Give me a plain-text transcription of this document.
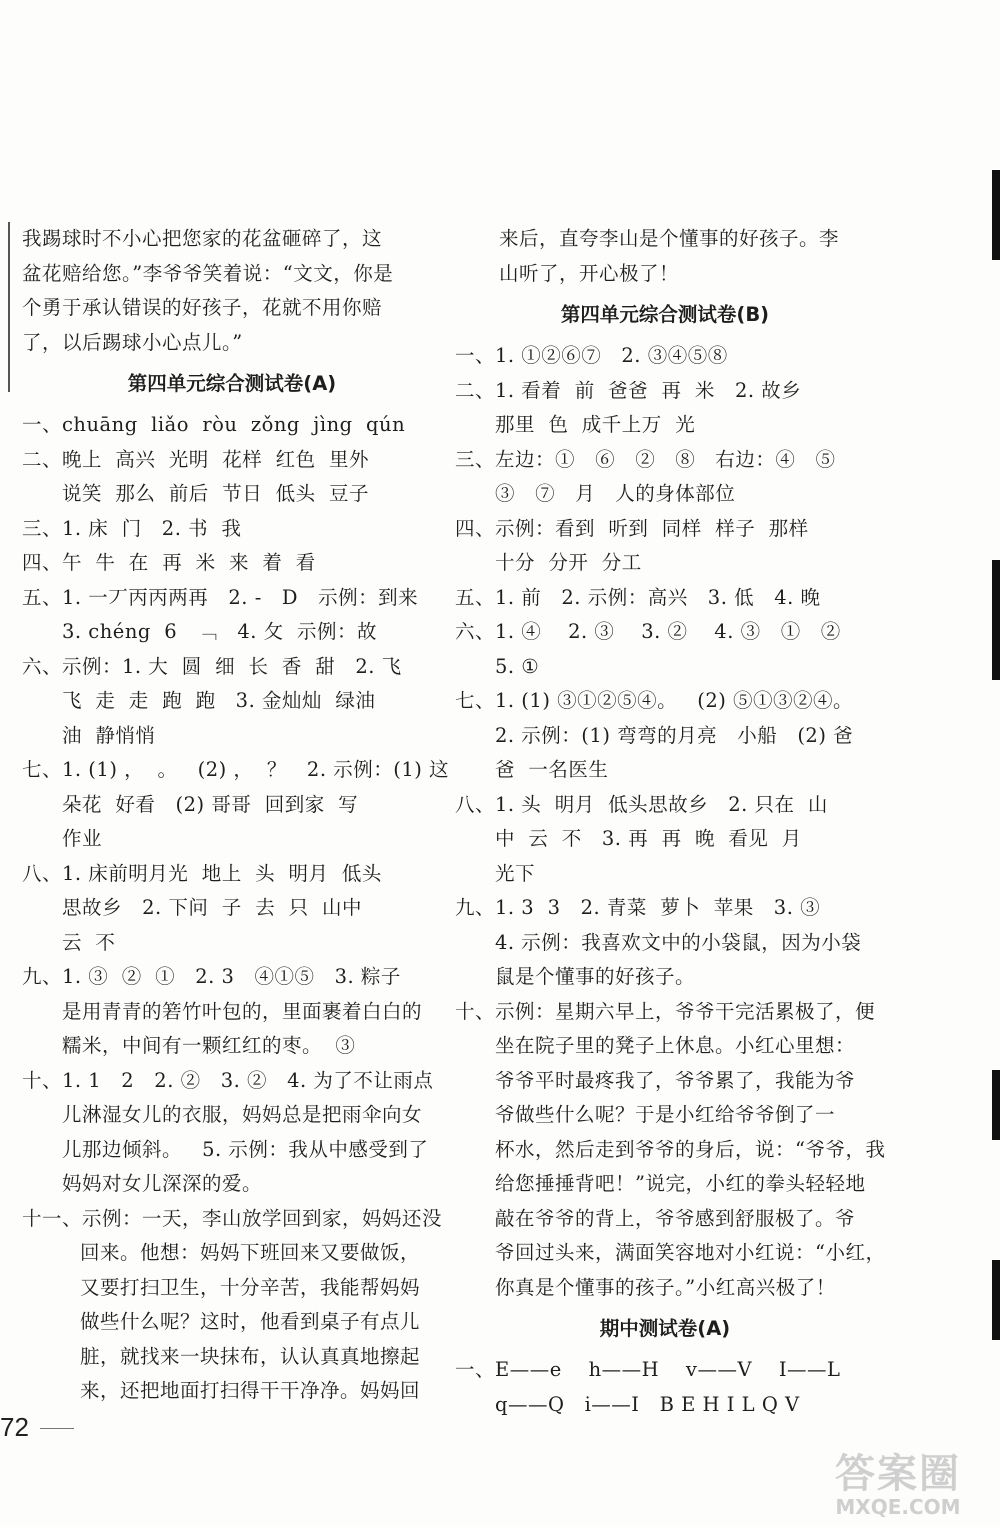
我踢球时不小心把您家的花盆砸碎了，这
盆花赔给您。”李爷爷笑着说：“文文，你是
个勇于承认错误的好孩子，花就不用你赔
了，以后踢球小心点儿。”
第四单元综合测试卷(A)
一、chuāng  liǎo  ròu  zǒng  jìng  qún
二、晚上  高兴  光明  花样  红色  里外
说笑  那么  前后  节日  低头  豆子
三、1. 床  门   2. 书  我
四、午  牛  在  再  米  来  着  看
五、1. 一丆丙丙两再   2. -   D   示例：到来
3. chéng  6   ﹁   4. 攵  示例：故
六、示例：1. 大  圆  细  长  香  甜   2. 飞
飞  走  走  跑  跑   3. 金灿灿  绿油
油  静悄悄
七、1. (1) ，  。   (2) ，  ？   2. 示例：(1) 这
朵花  好看   (2) 哥哥  回到家  写
作业
八、1. 床前明月光  地上  头  明月  低头
思故乡   2. 下问  子  去  只  山中
云  不
九、1. ③  ②  ①   2. 3   ④①⑤   3. 粽子
是用青青的箬竹叶包的，里面裹着白白的
糯米，中间有一颗红红的枣。  ③
十、1. 1   2   2. ②   3. ②   4. 为了不让雨点
儿淋湿女儿的衣服，妈妈总是把雨伞向女
儿那边倾斜。   5. 示例：我从中感受到了
妈妈对女儿深深的爱。
十一、示例：一天，李山放学回到家，妈妈还没
回来。他想：妈妈下班回来又要做饭，
又要打扫卫生，十分辛苦，我能帮妈妈
做些什么呢？这时，他看到桌子有点儿
脏，就找来一块抹布，认认真真地擦起
来，还把地面打扫得干干净净。妈妈回
来后，直夸李山是个懂事的好孩子。李
山听了，开心极了！
第四单元综合测试卷(B)
一、1. ①②⑥⑦   2. ③④⑤⑧
二、1. 看着  前  爸爸  再  米   2. 故乡
那里  色  成千上万  光
三、左边：①   ⑥   ②   ⑧   右边：④   ⑤
③   ⑦   月   人的身体部位
四、示例：看到  听到  同样  样子  那样
十分  分开  分工
五、1. 前   2. 示例：高兴   3. 低   4. 晚
六、1. ④    2. ③    3. ②    4. ③   ①   ②
5. ①
七、1. (1) ③①②⑤④。   (2) ⑤①③②④。
2. 示例：(1) 弯弯的月亮   小船   (2) 爸
爸  一名医生
八、1. 头  明月  低头思故乡   2. 只在  山
中  云  不   3. 再  再  晚  看见  月
光下
九、1. 3  3   2. 青菜  萝卜  苹果   3. ③
4. 示例：我喜欢文中的小袋鼠，因为小袋
鼠是个懂事的好孩子。
十、示例：星期六早上，爷爷干完活累极了，便
坐在院子里的凳子上休息。小红心里想：
爷爷平时最疼我了，爷爷累了，我能为爷
爷做些什么呢？于是小红给爷爷倒了一
杯水，然后走到爷爷的身后，说：“爷爷，我
给您捶捶背吧！”说完，小红的拳头轻轻地
敲在爷爷的背上，爷爷感到舒服极了。爷
爷回过头来，满面笑容地对小红说：“小红，
你真是个懂事的孩子。”小红高兴极了！
期中测试卷(A)
一、E——e    h——H    v——V    I——L
q——Q   i——I   B E H I L Q V
72
答案圈
MXQE.COM
